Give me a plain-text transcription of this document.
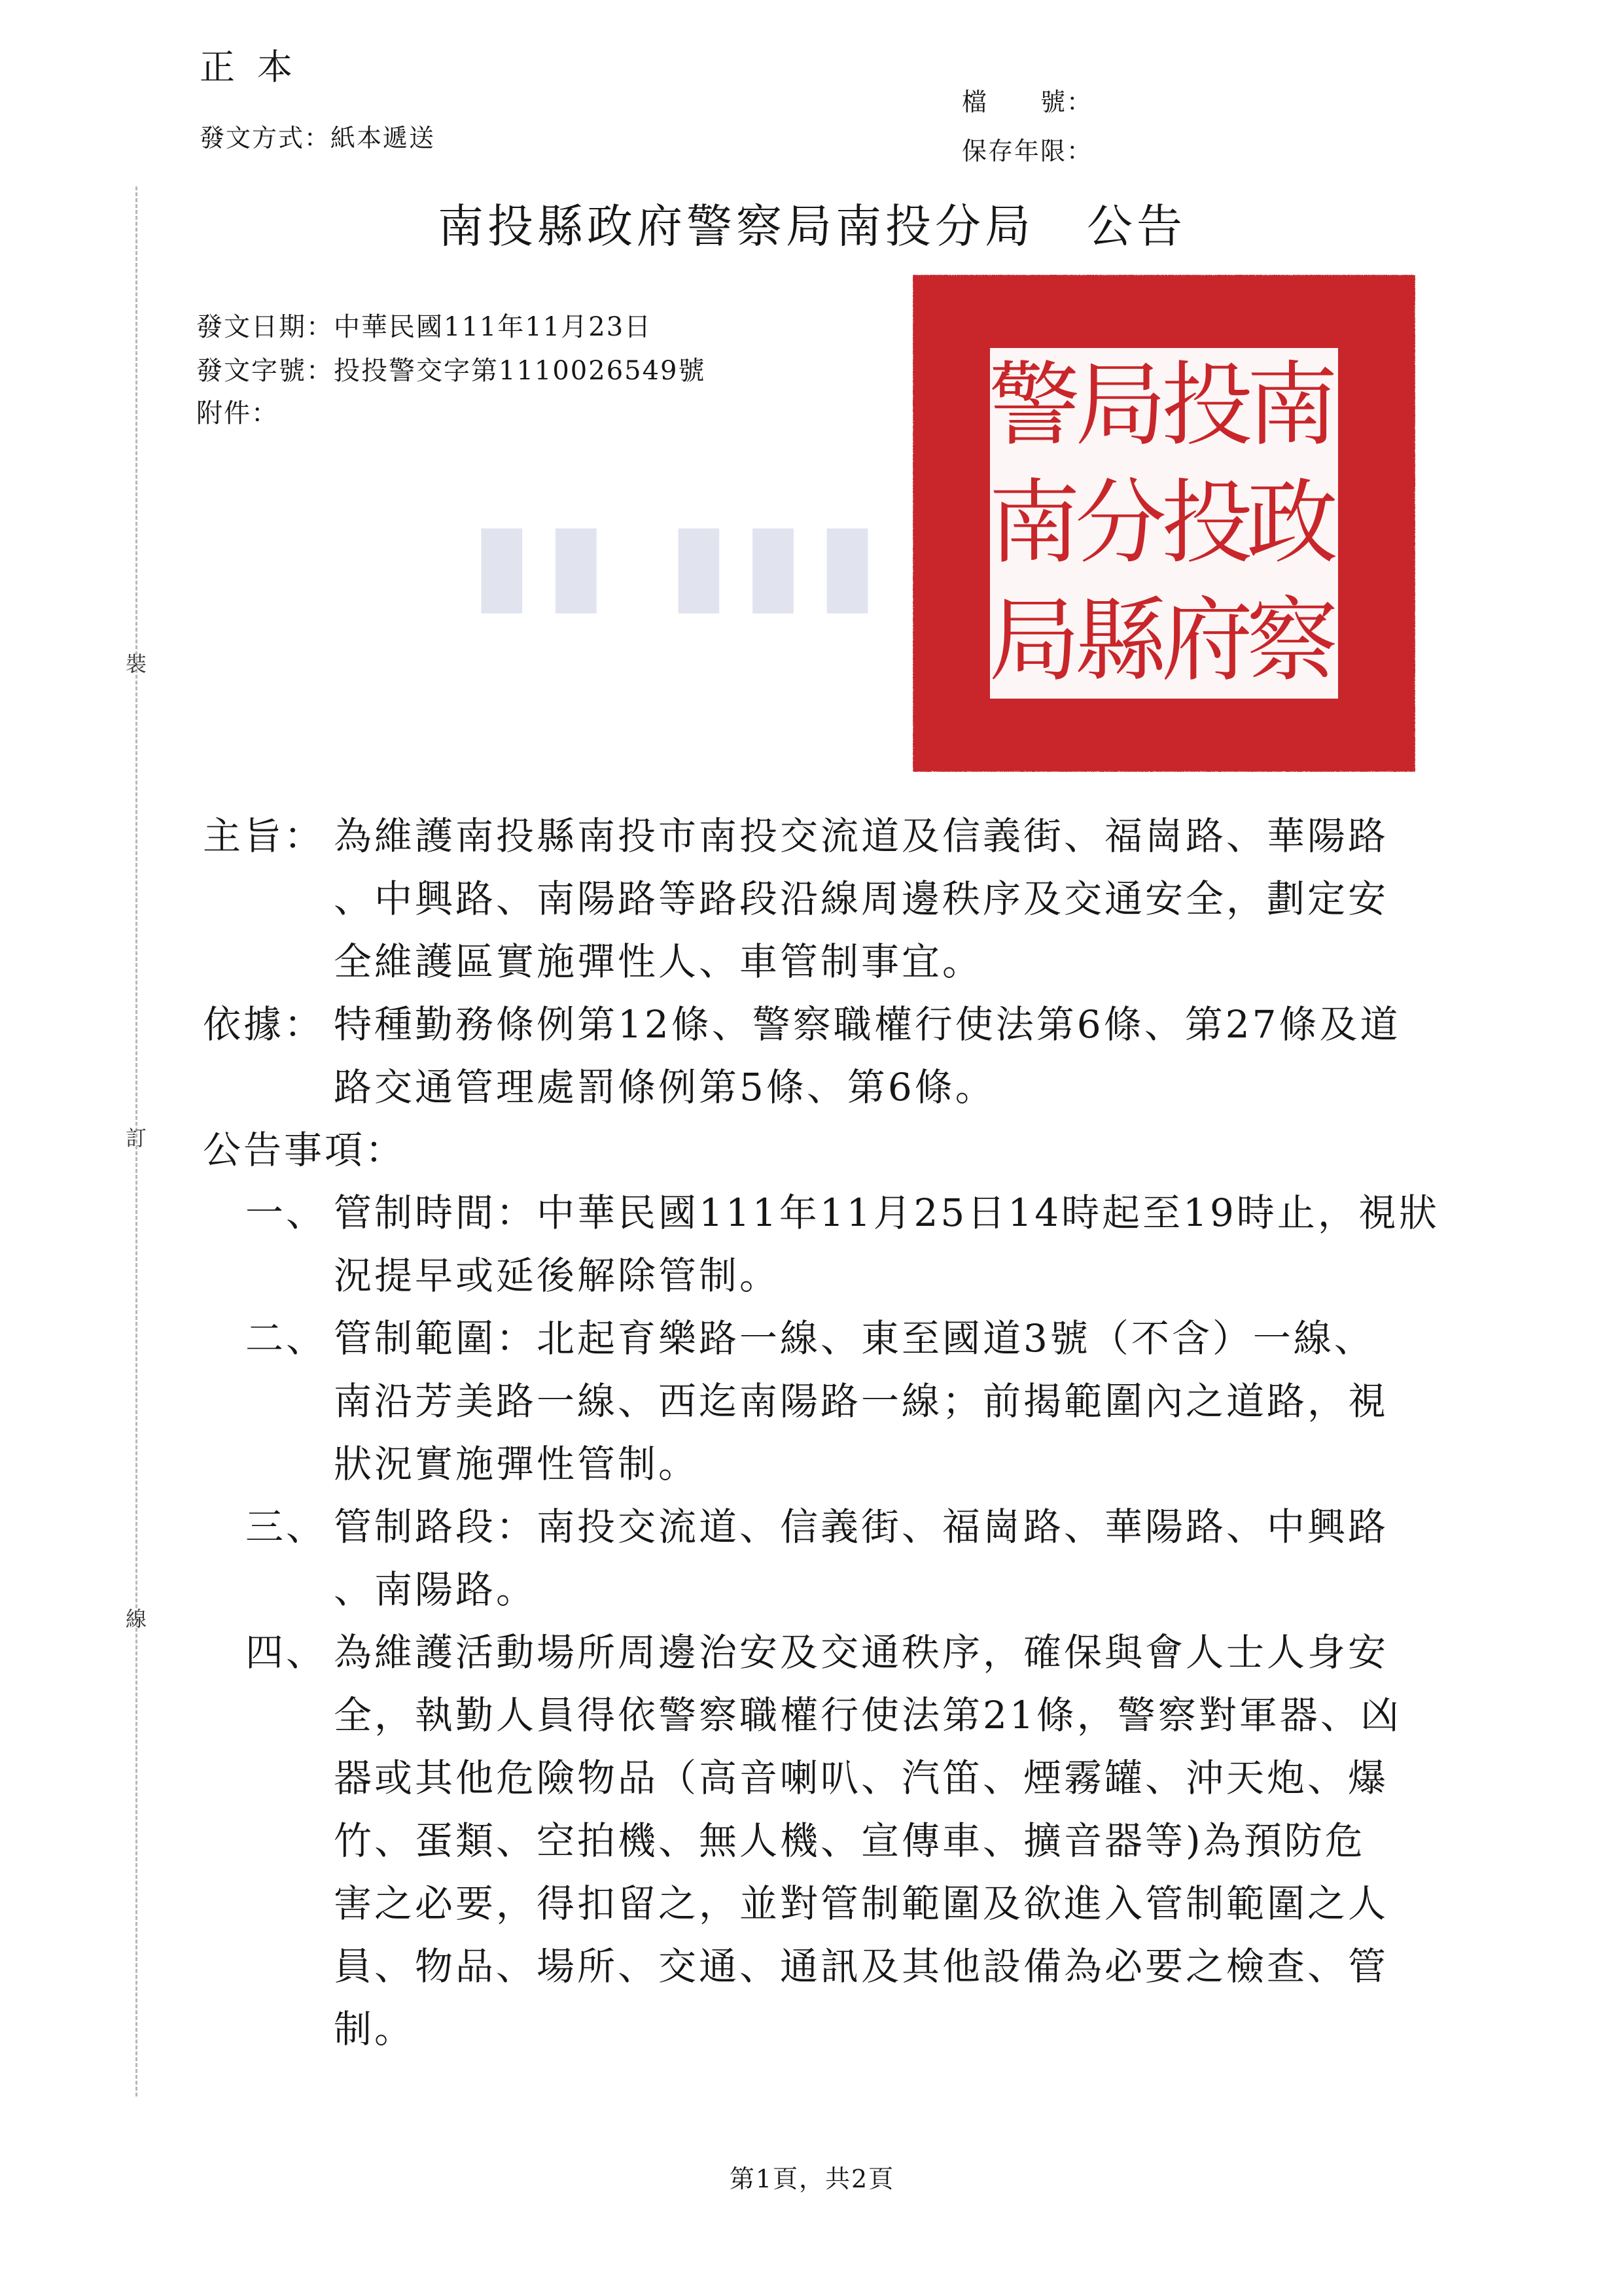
正本
發文方式：紙本遞送
檔　　號：
保存年限：
裝
訂
線
南投縣政府警察局南投分局 公告
發文日期：中華民國111年11月23日
發文字號：投投警交字第1110026549號
附件：
▮▮ ▮▮▮
南
政
察
投
投
府
局
分
縣
警
南
局
主旨： 為維護南投縣南投市南投交流道及信義街、福崗路、華陽路
、中興路、南陽路等路段沿線周邊秩序及交通安全，劃定安
全維護區實施彈性人、車管制事宜。
依據： 特種勤務條例第12條、警察職權行使法第6條、第27條及道
路交通管理處罰條例第5條、第6條。
公告事項：
一、 管制時間：中華民國111年11月25日14時起至19時止，視狀
況提早或延後解除管制。
二、 管制範圍：北起育樂路一線、東至國道3號（不含）一線、
南沿芳美路一線、西迄南陽路一線；前揭範圍內之道路，視
狀況實施彈性管制。
三、 管制路段：南投交流道、信義街、福崗路、華陽路、中興路
、南陽路。
四、 為維護活動場所周邊治安及交通秩序，確保與會人士人身安
全，執勤人員得依警察職權行使法第21條，警察對軍器、凶
器或其他危險物品（高音喇叭、汽笛、煙霧罐、沖天炮、爆
竹、蛋類、空拍機、無人機、宣傳車、擴音器等)為預防危
害之必要，得扣留之，並對管制範圍及欲進入管制範圍之人
員、物品、場所、交通、通訊及其他設備為必要之檢查、管
制。
第1頁，共2頁
